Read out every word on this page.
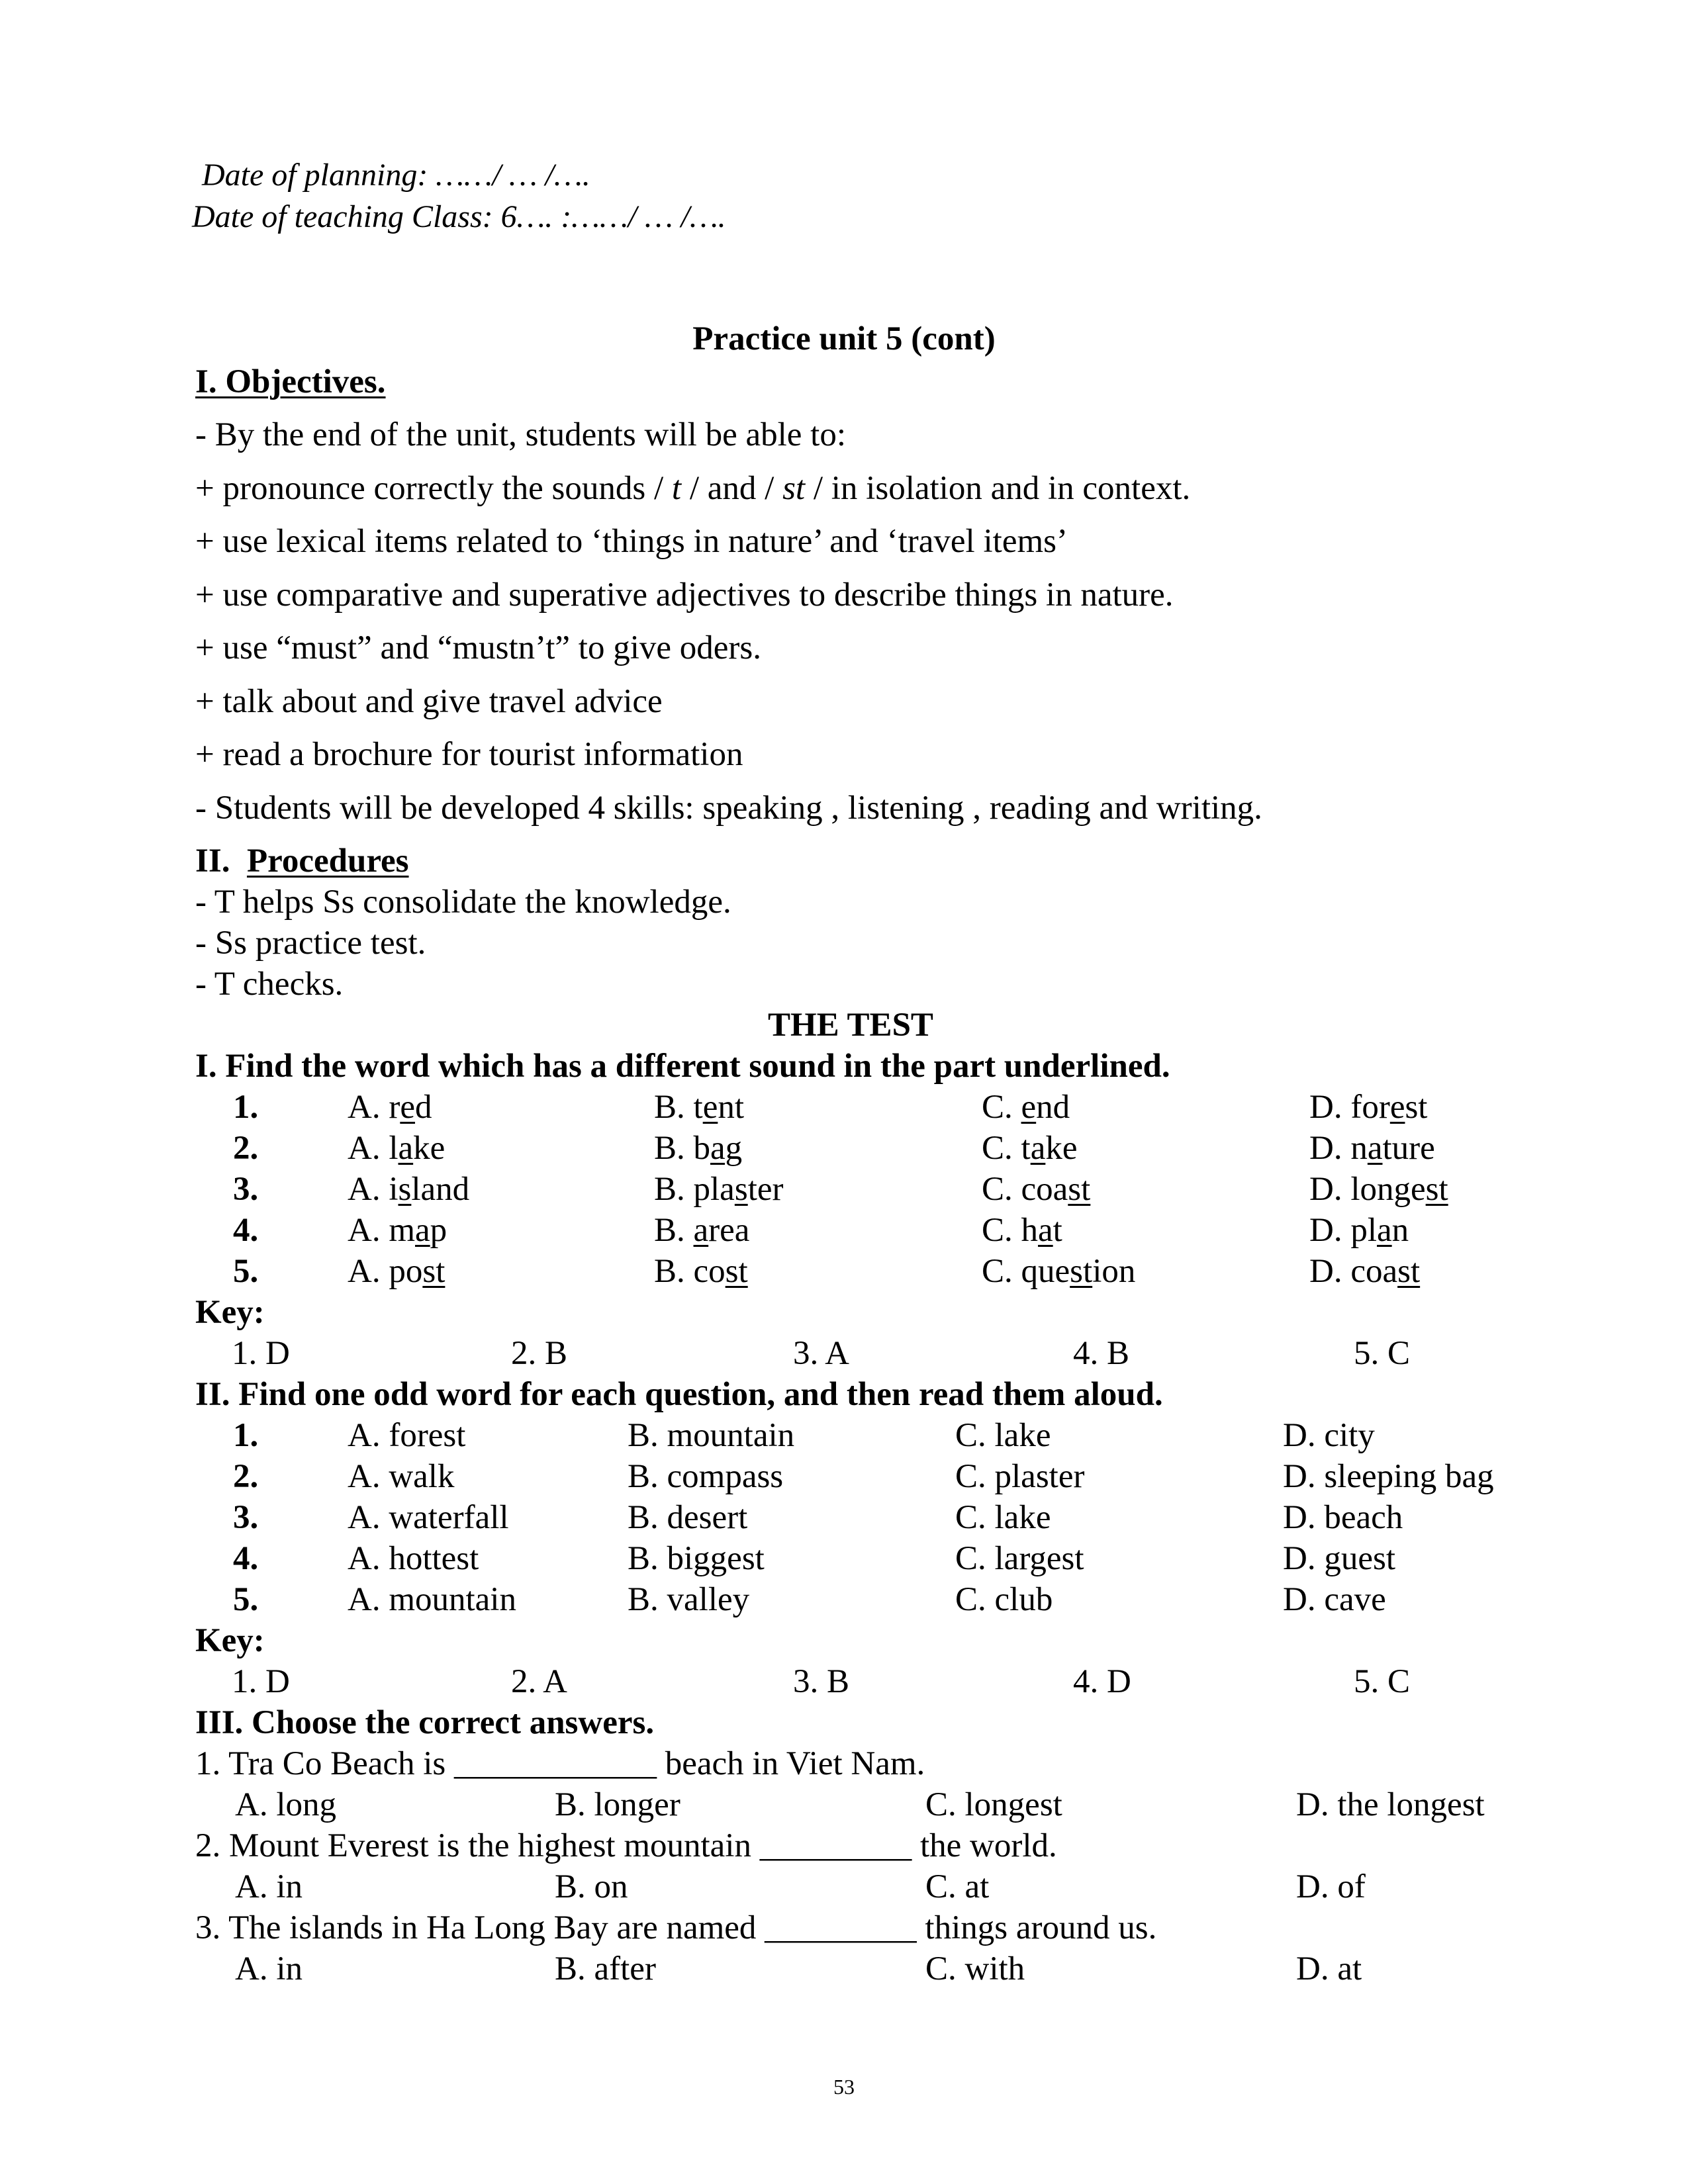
Date of planning: ……/ … /….
Date of teaching Class: 6…. :……/ … /….
Practice unit 5 (cont)
I. Objectives.
- By the end of the unit, students will be able to:
+ pronounce correctly the sounds / t / and / st / in isolation and in context.
+ use lexical items related to ‘things in nature’ and ‘travel items’
+ use comparative and superative adjectives to describe things in nature.
+ use “must” and “mustn’t” to give oders.
+ talk about and give travel advice
+ read a brochure for tourist information
- Students will be developed 4 skills: speaking , listening , reading and writing.
II. Procedures
- T helps Ss consolidate the knowledge.
- Ss practice test.
- T checks.
THE TEST
I. Find the word which has a different sound in the part underlined.
1.	A. red	B. tent	C. end	D. forest
2.	A. lake	B. bag	C. take	D. nature
3.	A. island	B. plaster	C. coast	D. longest
4.	A. map	B. area	C. hat	D. plan
5.	A. post	B. cost	C. question	D. coast
Key:
1. D	2. B	3. A	4. B	5. C
II. Find one odd word for each question, and then read them aloud.
1.	A. forest	B. mountain	C. lake	D. city
2.	A. walk	B. compass	C. plaster	D. sleeping bag
3.	A. waterfall	B. desert	C. lake	D. beach
4.	A. hottest	B. biggest	C. largest	D. guest
5.	A. mountain	B. valley	C. club	D. cave
Key:
1. D	2. A	3. B	4. D	5. C
III. Choose the correct answers.
1. Tra Co Beach is ____________ beach in Viet Nam.
A. long	B. longer	C. longest	D. the longest
2. Mount Everest is the highest mountain _________ the world.
A. in	B. on	C. at	D. of
3. The islands in Ha Long Bay are named _________ things around us.
A. in	B. after	C. with	D. at
53
